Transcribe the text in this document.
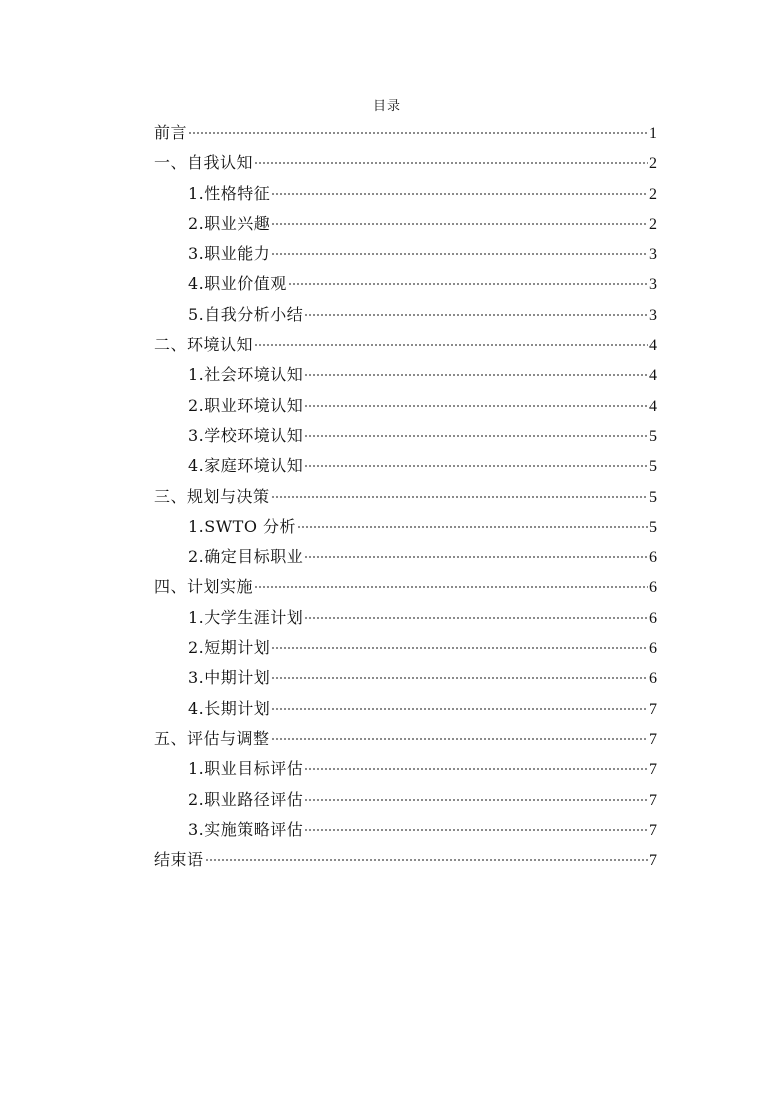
目录
前言	1
一、自我认知	2
1.性格特征	2
2.职业兴趣	2
3.职业能力	3
4.职业价值观	3
5.自我分析小结	3
二、环境认知	4
1.社会环境认知	4
2.职业环境认知	4
3.学校环境认知	5
4.家庭环境认知	5
三、规划与决策	5
1.SWTO 分析	5
2.确定目标职业	6
四、计划实施	6
1.大学生涯计划	6
2.短期计划	6
3.中期计划	6
4.长期计划	7
五、评估与调整	7
1.职业目标评估	7
2.职业路径评估	7
3.实施策略评估	7
结束语	7
